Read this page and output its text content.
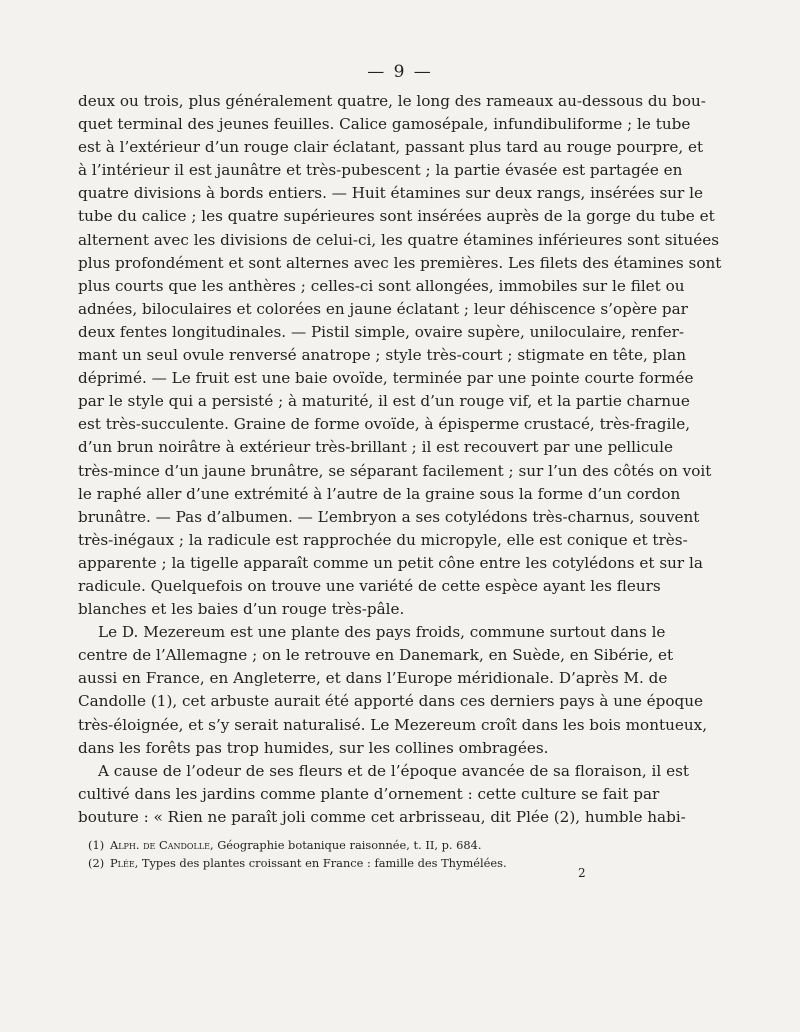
— 9 —
deux ou trois, plus généralement quatre, le long des rameaux au-dessous du bou-
quet terminal des jeunes feuilles. Calice gamosépale, infundibuliforme ; le tube
est à l’extérieur d’un rouge clair éclatant, passant plus tard au rouge pourpre, et
à l’intérieur il est jaunâtre et très-pubescent ; la partie évasée est partagée en
quatre divisions à bords entiers. — Huit étamines sur deux rangs, insérées sur le
tube du calice ; les quatre supérieures sont insérées auprès de la gorge du tube et
alternent avec les divisions de celui-ci, les quatre étamines inférieures sont situées
plus profondément et sont alternes avec les premières. Les filets des étamines sont
plus courts que les anthères ; celles-ci sont allongées, immobiles sur le filet ou
adnées, biloculaires et colorées en jaune éclatant ; leur déhiscence s’opère par
deux fentes longitudinales. — Pistil simple, ovaire supère, uniloculaire, renfer-
mant un seul ovule renversé anatrope ; style très-court ; stigmate en tête, plan
déprimé. — Le fruit est une baie ovoïde, terminée par une pointe courte formée
par le style qui a persisté ; à maturité, il est d’un rouge vif, et la partie charnue
est très-succulente. Graine de forme ovoïde, à épisperme crustacé, très-fragile,
d’un brun noirâtre à extérieur très-brillant ; il est recouvert par une pellicule
très-mince d’un jaune brunâtre, se séparant facilement ; sur l’un des côtés on voit
le raphé aller d’une extrémité à l’autre de la graine sous la forme d’un cordon
brunâtre. — Pas d’albumen. — L’embryon a ses cotylédons très-charnus, souvent
très-inégaux ; la radicule est rapprochée du micropyle, elle est conique et très-
apparente ; la tigelle apparaît comme un petit cône entre les cotylédons et sur la
radicule. Quelquefois on trouve une variété de cette espèce ayant les fleurs
blanches et les baies d’un rouge très-pâle.
Le D. Mezereum est une plante des pays froids, commune surtout dans le
centre de l’Allemagne ; on le retrouve en Danemark, en Suède, en Sibérie, et
aussi en France, en Angleterre, et dans l’Europe méridionale. D’après M. de
Candolle (1), cet arbuste aurait été apporté dans ces derniers pays à une époque
très-éloignée, et s’y serait naturalisé. Le Mezereum croît dans les bois montueux,
dans les forêts pas trop humides, sur les collines ombragées.
A cause de l’odeur de ses fleurs et de l’époque avancée de sa floraison, il est
cultivé dans les jardins comme plante d’ornement : cette culture se fait par
bouture : « Rien ne paraît joli comme cet arbrisseau, dit Plée (2), humble habi-
(1) Alph. de Candolle, Géographie botanique raisonnée, t. II, p. 684.
(2) Plée, Types des plantes croissant en France : famille des Thymélées.
2
